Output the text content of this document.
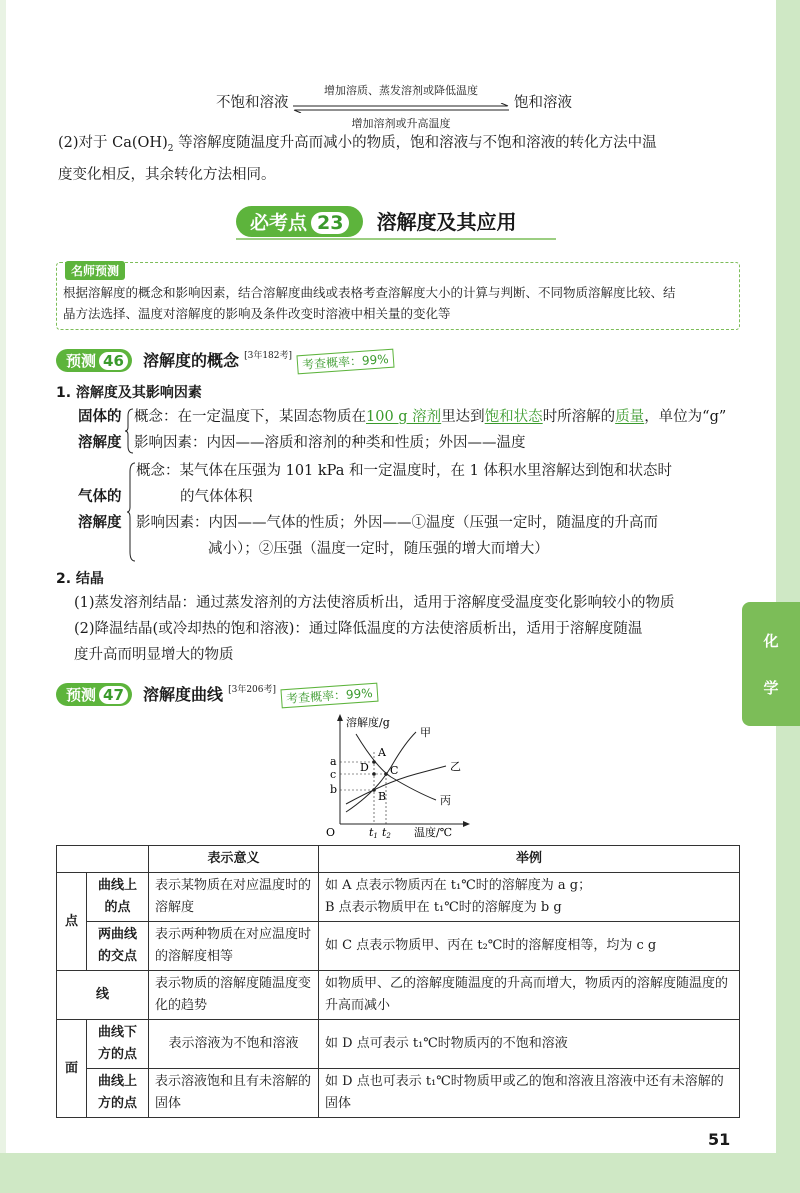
不饱和溶液
增加溶质、蒸发溶剂或降低温度
增加溶剂或升高温度
饱和溶液
(2)对于 $Ca(OH)_2$ 等溶解度随温度升高而减小的物质，饱和溶液与不饱和溶液的转化方法中温
度变化相反，其余转化方法相同。
必考点 23 溶解度及其应用
名师预测
根据溶解度的概念和影响因素，结合溶解度曲线或表格考查溶解度大小的计算与判断、不同物质溶解度比较、结
晶方法选择、温度对溶解度的影响及条件改变时溶液中相关量的变化等
预测 46 溶解度的概念 [3年182考] 考查概率：99%
1. 溶解度及其影响因素
固体的
溶解度
概念：在一定温度下，某固态物质在100 g 溶剂里达到饱和状态时所溶解的质量，单位为“g”
影响因素：内因——溶质和溶剂的种类和性质；外因——温度
气体的
溶解度
概念：某气体在压强为 101 kPa 和一定温度时，在 1 体积水里溶解达到饱和状态时
的气体体积
影响因素：内因——气体的性质；外因——①温度（压强一定时，随温度的升高而
减小）；②压强（温度一定时，随压强的增大而增大）
2. 结晶
(1)蒸发溶剂结晶：通过蒸发溶剂的方法使溶质析出，适用于溶解度受温度变化影响较小的物质
(2)降温结晶(或冷却热的饱和溶液)：通过降低温度的方法使溶质析出，适用于溶解度随温
度升高而明显增大的物质
预测 47 溶解度曲线 [3年206考] 考查概率：99%
溶解度/g
甲
乙
丙
A
B
C
D
a
c
b
O	t1 t2 温度/℃
		表示意义	举例
点	曲线上的点	表示某物质在对应温度时的溶解度	如 A 点表示物质丙在 t₁℃时的溶解度为 a g；
B 点表示物质甲在 t₁℃时的溶解度为 b g

	两曲线的交点	表示两种物质在对应温度时的溶解度相等	如 C 点表示物质甲、丙在 t₂℃时的溶解度相等，均为 c g
线		表示物质的溶解度随温度变化的趋势	如物质甲、乙的溶解度随温度的升高而增大，物质丙的溶解度随温度的升高而减小
面	曲线下方的点	表示溶液为不饱和溶液	如 D 点可表示 t₁℃时物质丙的不饱和溶液
	曲线上方的点	表示溶液饱和且有未溶解的固体	如 D 点也可表示 t₁℃时物质甲或乙的饱和溶液且溶液中还有未溶解的固体
51
化
学
